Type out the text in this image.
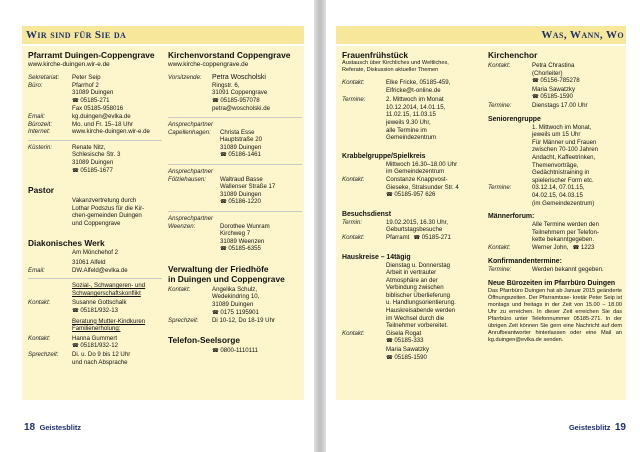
Wir sind für Sie da
Pfarramt Duingen-Coppengrave
www.kirche-duingen.wir-e.de
Sekretariat:	Peter Seip
Büro:	Pfarrhof 2
31089 Duingen
☎ 05185-271
Fax 05185-958016
Email:	kg.duingen@evlka.de
Bürozeit:	Mo. und Fr. 15–18 Uhr
Internet:	www.kirche-duingen.wir-e.de
Küsterin:	Renate Nitz,
Schlesische Str. 3
31089 Duingen
☎ 05185-1677
Pastor
Vakanzvertretung durch
Lothar Podszus für die Kir-
chen-gemeinden Duingen
und Coppengrave
Diakonisches Werk
Am Mönchehof 2
31061 Alfeld
Email:	DW.Alfeld@evlka.de
Sozial-, Schwangeren- und
Schwangerschaftskonflikt
Kontakt:	Susanne Gottschalk
☎ 05181/932-13
Beratung Mutter-Kindkuren
Familienerholung:
Kontakt:	Hanna Gummert
☎ 05181/932-12
Sprechzeit:	Di. u. Do 9 bis 12 Uhr
und nach Absprache
Kirchenvorstand Coppengrave
www.kirche-coppengrave.de
Vorsitzende:	Petra Woscholski
Ringstr. 6,
31091 Coppengrave
☎ 05185-957078
petra@woscholski.de
Ansprechpartner
Capellenhagen:	Christa Esse
Hauptstraße 20
31089 Duingen
☎ 05186-1461
Ansprechpartner
Fölziehausen:	Waltraud Basse
Wallenser Straße 17
31089 Duingen
☎ 05186-1220
Ansprechpartner
Weenzen:	Dorothee Wunram
Kirchweg 7
31089 Weenzen
☎ 05185-6355
Verwaltung der Friedhöfe
in Duingen und Coppengrave
Kontakt:	Angelika Schulz,
Wedekindring 10,
31089 Duingen
☎ 0175 1195901
Sprechzeit:	Di 10-12, Do 18-19 Uhr
Telefon-Seelsorge
☎ 0800-1110111
18 Geistesblitz
Was, Wann, Wo
Frauenfrühstück
Austausch über Kirchliches und Weltliches,
Referate, Diskussion aktueller Themen
Kontakt:	Elke Fricke, 05185-459,
Elfricke@t-online.de
Termine:	2. Mittwoch im Monat
10.12.2014, 14.01.15,
11.02.15, 11.03.15
jeweils 9.30 Uhr,
alle Termine im
Gemeindezentrum
Krabbelgruppe/Spielkreis
Mittwoch 16.30–18.00 Uhr
im Gemeindezentrum
Kontakt:	Constanze Knappvost-
Gieseke, Stralsunder Str. 4
☎ 05185-957 626
Besuchsdienst
Termin:	19.02.2015, 16.30 Uhr,
Geburtstagsbesuche
Kontakt:	Pfarramt	☎ 05185-271
Hauskreise – 14tägig
Dienstag u. Donnerstag
Arbeit in vertrauter
Atmosphäre an der
Verbindung zwischen
biblischer Überlieferung
u. Handlungsorientierung.
Hauskreisabende werden
im Wechsel durch die
Teilnehmer vorbereitet.
Kontakt:	Gisela Rogat
☎ 05185-333
Maria Sawatzky
☎ 05185-1590
Kirchenchor
Kontakt:	Petra Chrastina
(Chorleiter)
☎ 05156-785278
Maria Sawatzky
☎ 05185-1590
Termine:	Dienstags 17.00 Uhr
Seniorengruppe
1. Mittwoch im Monat,
jeweils um 15 Uhr
Für Männer und Frauen
zwischen 70-100 Jahren
Andacht, Kaffeetrinken,
Themenvorträge,
Gedächtnistraining in
spielerischer Form etc.
Termine:	03.12.14, 07.01.15,
04.02.15, 04.03.15
(im Gemeindezentrum)
Männerforum:
Alle Termine werden den
Teilnehmern per Telefon-
kette bekanntgegeben.
Kontakt:	Werner John,	☎ 1223
Konfirmandentermine:
Termine:	Werden bekannt gegeben.
Neue Bürozeiten im Pfarrbüro Duingen
Das Pfarrbüro Duingen hat ab Januar 2015 geänderte Öffnungszeiten. Der Pfarramtsse- kretär Peter Seip ist montags und freitags in der Zeit von 15.00 – 18.00 Uhr zu erreichen. In dieser Zeit erreichen Sie das Pfarrbüro unter Telefonnummer 05185-271. In der übrigen Zeit können Sie gern eine Nachricht auf dem Anrufbeantworter hinterlassen oder eine Mail an kg.duingen@evlka.de senden.
Geistesblitz 19
